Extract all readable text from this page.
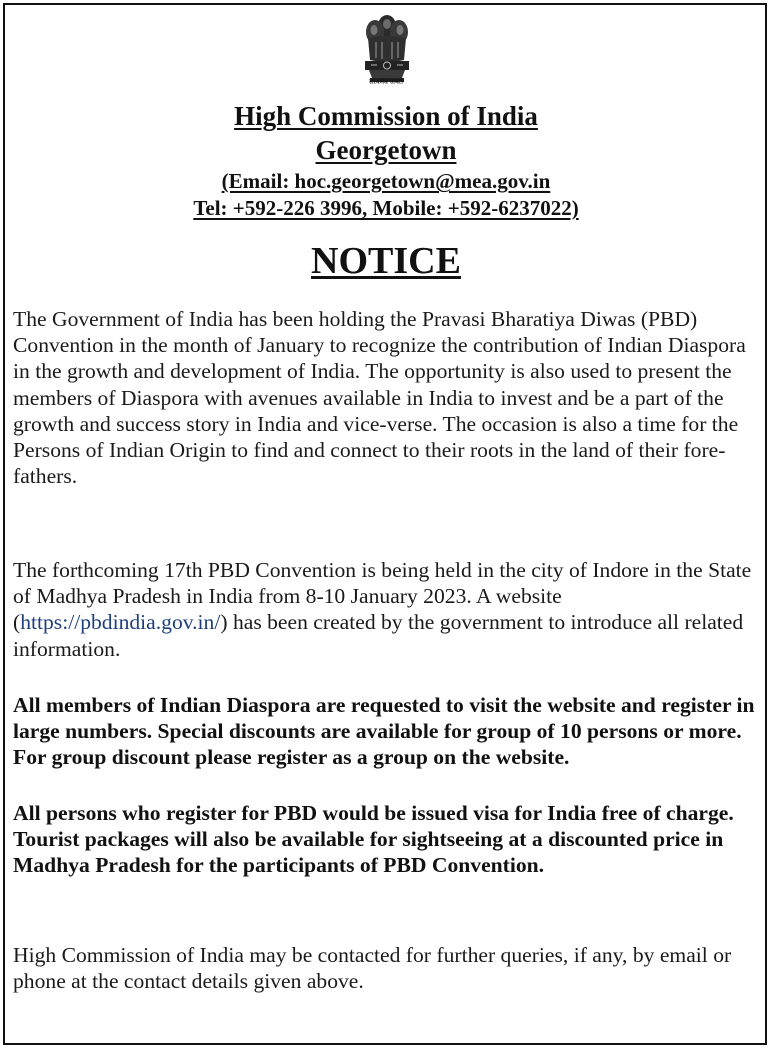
सत्यमेव जयते
High Commission of India
Georgetown
(Email: hoc.georgetown@mea.gov.in
Tel: +592-226 3996, Mobile: +592-6237022)
NOTICE

The Government of India has been holding the Pravasi Bharatiya Diwas (PBD) Convention in the month of January to recognize the contribution of Indian Diaspora in the growth and development of India. The opportunity is also used to present the members of Diaspora with avenues available in India to invest and be a part of the growth and success story in India and vice-verse. The occasion is also a time for the Persons of Indian Origin to find and connect to their roots in the land of their fore-fathers.

The forthcoming 17th PBD Convention is being held in the city of Indore in the State of Madhya Pradesh in India from 8-10 January 2023. A website (https://pbdindia.gov.in/) has been created by the government to introduce all related information.

All members of Indian Diaspora are requested to visit the website and register in large numbers. Special discounts are available for group of 10 persons or more. For group discount please register as a group on the website.

All persons who register for PBD would be issued visa for India free of charge. Tourist packages will also be available for sightseeing at a discounted price in Madhya Pradesh for the participants of PBD Convention.

High Commission of India may be contacted for further queries, if any, by email or phone at the contact details given above.
